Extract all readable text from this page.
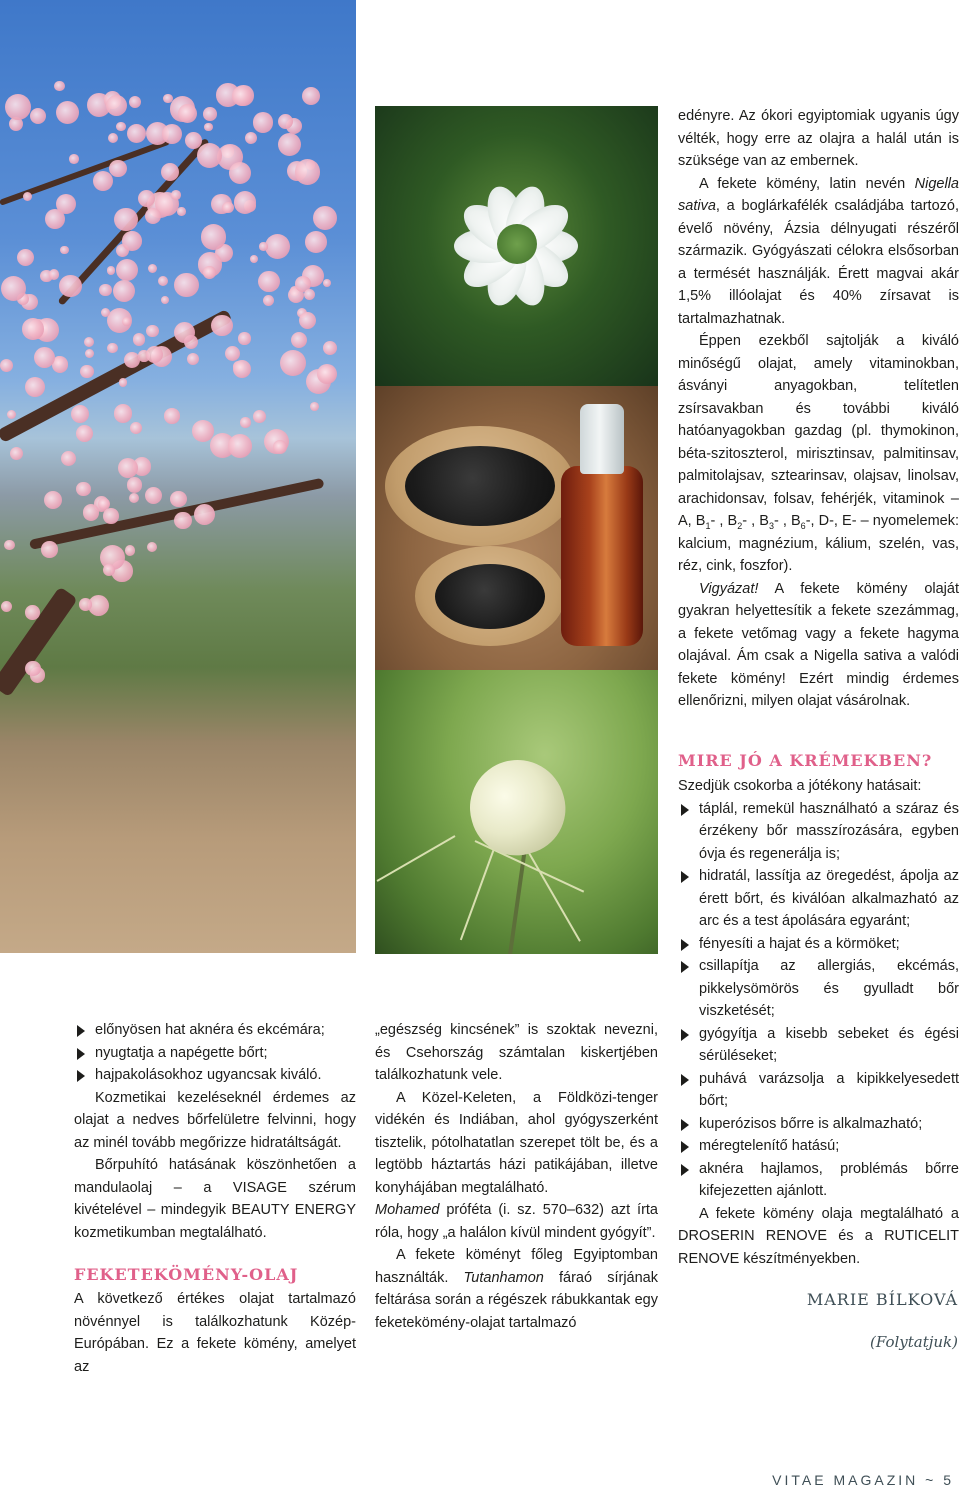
előnyösen hat aknéra és ekcémára;
nyugtatja a napégette bőrt;
hajpakolásokhoz ugyancsak kiváló.

Kozmetikai kezeléseknél érdemes az olajat a nedves bőrfelületre felvinni, hogy az minél tovább megőrizze hidratáltságát.

Bőrpuhító hatásának köszönhetően a mandulaolaj – a VISAGE szérum kivételével – mindegyik BEAUTY ENERGY kozmetikumban megtalálható.

FEKETEKÖMÉNY-OLAJ

A következő értékes olajat tartalmazó növénnyel is találkozhatunk Közép-Európában. Ez a fekete kömény, amelyet az

„egészség kincsének” is szoktak nevezni, és Csehország számtalan kiskertjében találkozhatunk vele.

A Közel-Keleten, a Földközi-tenger vidékén és Indiában, ahol gyógyszerként tisztelik, pótolhatatlan szerepet tölt be, és a legtöbb háztartás házi patikájában, illetve konyhájában megtalálható.

Mohamed próféta (i. sz. 570–632) azt írta róla, hogy „a halálon kívül mindent gyógyít”.

A fekete köményt főleg Egyiptomban használták. Tutanhamon fáraó sírjának feltárása során a régészek rábukkantak egy feketekömény-olajat tartalmazó

edényre. Az ókori egyiptomiak ugyanis úgy vélték, hogy erre az olajra a halál után is szüksége van az embernek.

A fekete kömény, latin nevén Nigella sativa, a boglárkafélék családjába tartozó, évelő növény, Ázsia délnyugati részéről származik. Gyógyászati célokra elsősorban a termését használják. Érett magvai akár 1,5% illóolajat és 40% zírsavat is tartalmazhatnak.

Éppen ezekből sajtolják a kiváló minőségű olajat, amely vitaminokban, ásványi anyagokban, telítetlen zsírsavakban és további kiváló hatóanyagokban gazdag (pl. thymokinon, béta-szitoszterol, mirisztinsav, palmitinsav, palmitolajsav, sztearinsav, olajsav, linolsav, arachidonsav, folsav, fehérjék, vitaminok – A, $B_1-$ , $B_2-$ , $B_3-$ , $B_6-$, D-, E- – nyomelemek: kalcium, magnézium, kálium, szelén, vas, réz, cink, foszfor).

Vigyázat! A fekete kömény olaját gyakran helyettesítik a fekete szezámmag, a fekete vetőmag vagy a fekete hagyma olajával. Ám csak a Nigella sativa a valódi fekete kömény! Ezért mindig érdemes ellenőrizni, milyen olajat vásárolnak.

MIRE JÓ A KRÉMEKBEN?

Szedjük csokorba a jótékony hatásait:

táplál, remekül használható a száraz és érzékeny bőr masszírozására, egyben óvja és regenerálja is;
hidratál, lassítja az öregedést, ápolja az érett bőrt, és kiválóan alkalmazható az arc és a test ápolására egyaránt;
fényesíti a hajat és a körmöket;
csillapítja az allergiás, ekcémás, pikkelysömörös és gyulladt bőr viszketését;
gyógyítja a kisebb sebeket és égési sérüléseket;
puhává varázsolja a kipikkelyesedett bőrt;
kuperózisos bőrre is alkalmazható;
méregtelenítő hatású;
aknéra hajlamos, problémás bőrre kifejezetten ajánlott.

A fekete kömény olaja megtalálható a DROSERIN RENOVE és a RUTICELIT RENOVE készítményekben.

MARIE BÍLKOVÁ

(Folytatjuk)

VITAE MAGAZIN ~ 5
